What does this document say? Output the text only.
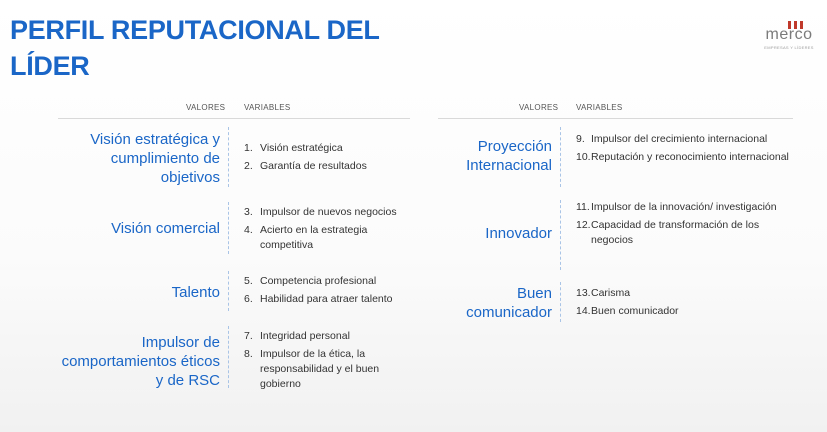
PERFIL REPUTACIONAL DEL LÍDER
merco
EMPRESAS Y LÍDERES
VALORES VARIABLES	VALORES VARIABLES
Visión estratégica y cumplimiento de objetivos
1. Visión estratégica
2. Garantía de resultados
Visión comercial
3. Impulsor de nuevos negocios
4. Acierto en la estrategia competitiva
Talento
5. Competencia profesional
6. Habilidad para atraer talento
Impulsor de comportamientos éticos y de RSC
7. Integridad personal
8. Impulsor de la ética, la responsabilidad y el buen gobierno
Proyección Internacional
9. Impulsor del crecimiento internacional
10. Reputación y reconocimiento internacional
Innovador
11. Impulsor de la innovación/ investigación
12. Capacidad de transformación de los negocios
Buen comunicador
13. Carisma
14. Buen comunicador
